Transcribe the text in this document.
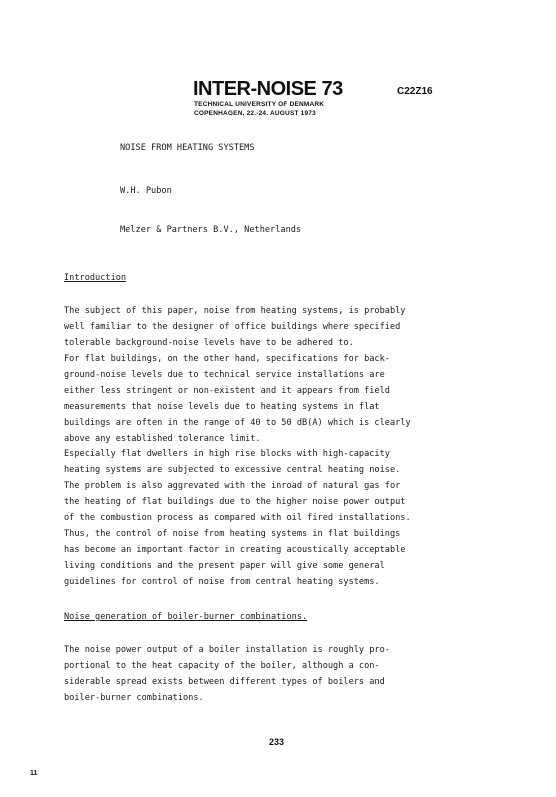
INTER-NOISE 73	C22Z16
TECHNICAL UNIVERSITY OF DENMARK
COPENHAGEN, 22.-24. AUGUST 1973
NOISE FROM HEATING SYSTEMS
W.H. Pubon
Melzer & Partners B.V., Netherlands
Introduction
The subject of this paper, noise from heating systems, is probably
well familiar to the designer of office buildings where specified
tolerable background-noise levels have to be adhered to.
For flat buildings, on the other hand, specifications for back-
ground-noise levels due to technical service installations are
either less stringent or non-existent and it appears from field
measurements that noise levels due to heating systems in flat
buildings are often in the range of 40 to 50 dB(A) which is clearly
above any established tolerance limit.
Especially flat dwellers in high rise blocks with high-capacity
heating systems are subjected to excessive central heating noise.
The problem is also aggrevated with the inroad of natural gas for
the heating of flat buildings due to the higher noise power output
of the combustion process as compared with oil fired installations.
Thus, the control of noise from heating systems in flat buildings
has become an important factor in creating acoustically acceptable
living conditions and the present paper will give some general
guidelines for control of noise from central heating systems.
Noise generation of boiler-burner combinations.
The noise power output of a boiler installation is roughly pro-
portional to the heat capacity of the boiler, although a con-
siderable spread exists between different types of boilers and
boiler-burner combinations.
233
11
